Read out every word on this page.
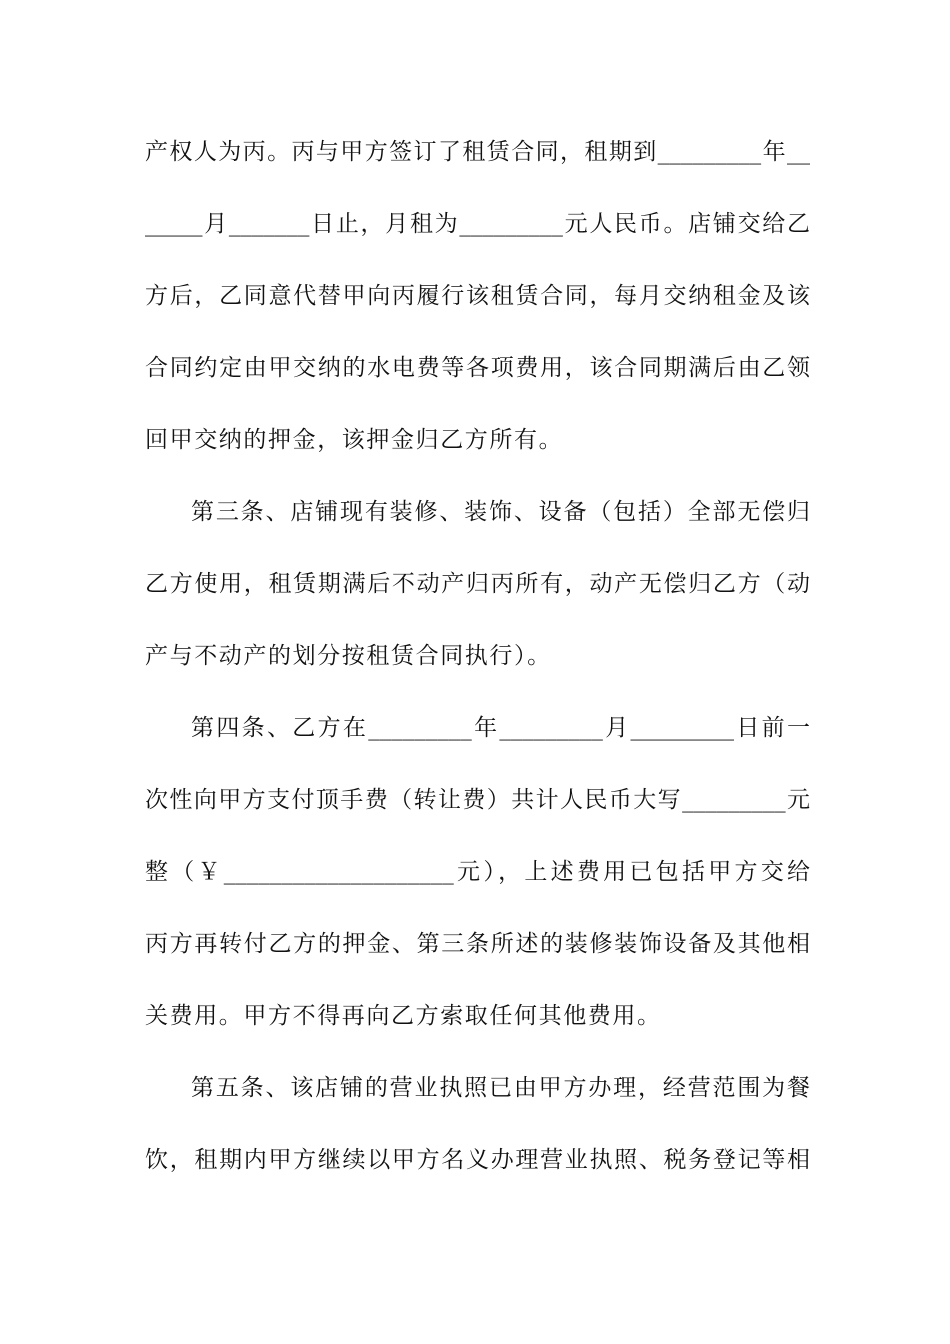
产权人为丙。丙与甲方签订了租赁合同，租期到_________年__
_____月_______日止，月租为_________元人民币。店铺交给乙
方后，乙同意代替甲向丙履行该租赁合同，每月交纳租金及该
合同约定由甲交纳的水电费等各项费用，该合同期满后由乙领
回甲交纳的押金，该押金归乙方所有。
第三条、店铺现有装修、装饰、设备（包括）全部无偿归
乙方使用，租赁期满后不动产归丙所有，动产无偿归乙方（动
产与不动产的划分按租赁合同执行）。
第四条、乙方在_________年_________月_________日前一
次性向甲方支付顶手费（转让费）共计人民币大写_________元
整（￥____________________元），上述费用已包括甲方交给
丙方再转付乙方的押金、第三条所述的装修装饰设备及其他相
关费用。甲方不得再向乙方索取任何其他费用。
第五条、该店铺的营业执照已由甲方办理，经营范围为餐
饮，租期内甲方继续以甲方名义办理营业执照、税务登记等相
